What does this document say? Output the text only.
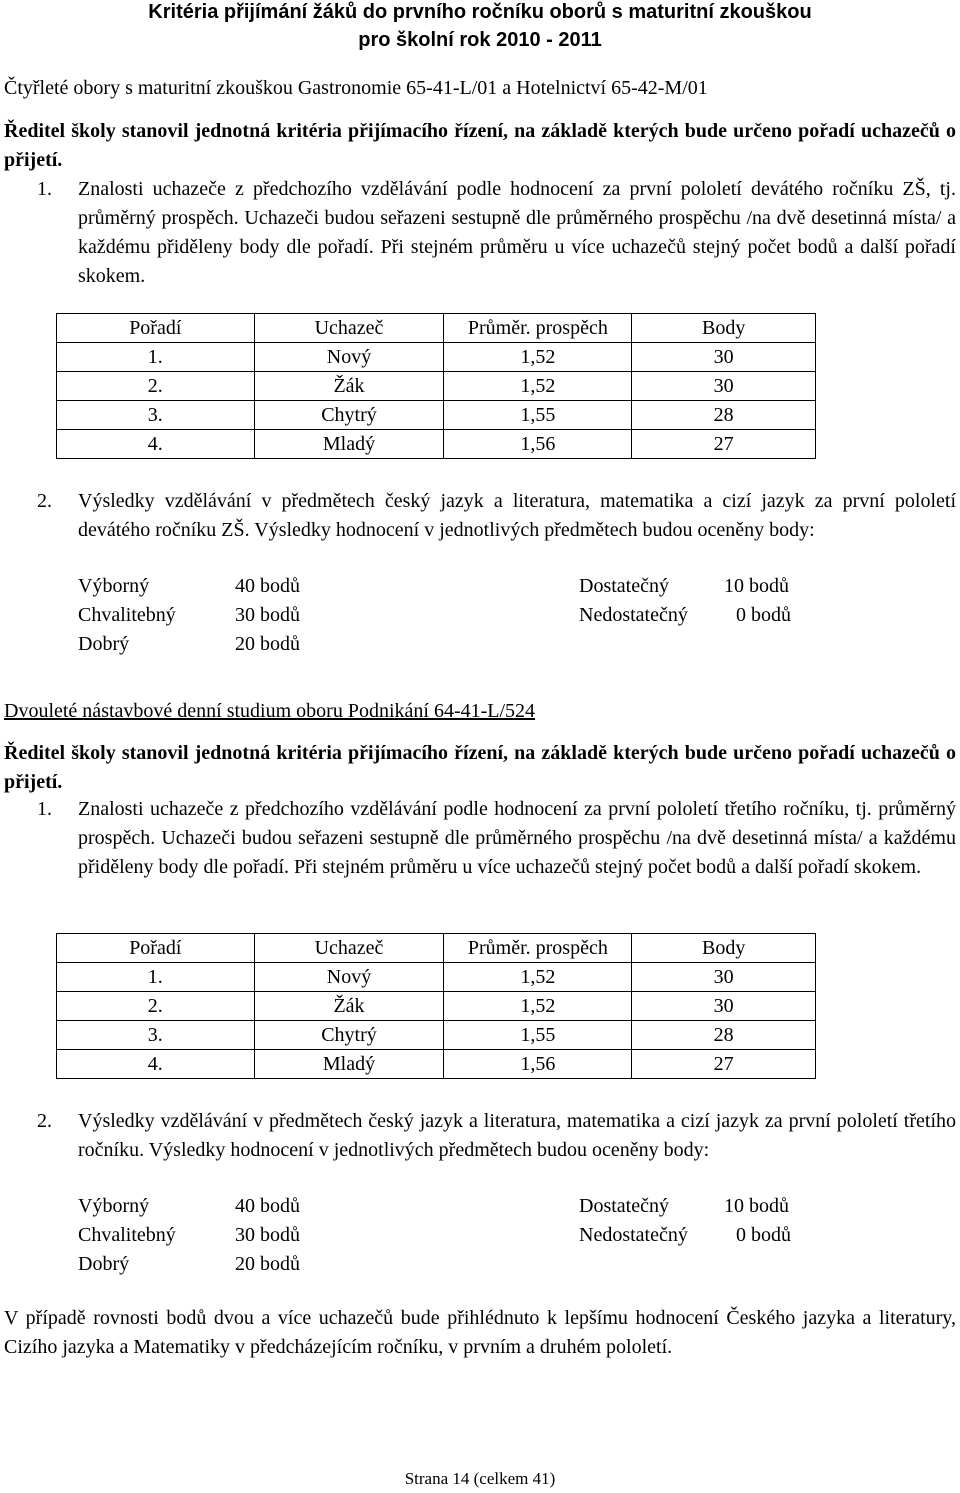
Kritéria přijímání žáků do prvního ročníku oborů s maturitní zkouškou
pro školní rok 2010 - 2011
Čtyřleté obory s maturitní zkouškou Gastronomie 65-41-L/01 a Hotelnictví 65-42-M/01
Ředitel školy stanovil jednotná kritéria přijímacího řízení, na základě kterých bude určeno pořadí uchazečů o přijetí.
1. Znalosti uchazeče z předchozího vzdělávání podle hodnocení za první pololetí devátého ročníku ZŠ, tj. průměrný prospěch. Uchazeči budou seřazeni sestupně dle průměrného prospěchu /na dvě desetinná místa/ a každému přiděleny body dle pořadí. Při stejném průměru u více uchazečů stejný počet bodů a další pořadí skokem.
Pořadí	Uchazeč	Průměr. prospěch	Body
1.	Nový	1,52	30
2.	Žák	1,52	30
3.	Chytrý	1,55	28
4.	Mladý	1,56	27
2. Výsledky vzdělávání v předmětech český jazyk a literatura, matematika a cizí jazyk za první pololetí devátého ročníku ZŠ. Výsledky hodnocení v jednotlivých předmětech budou oceněny body:
Výborný	40 bodů
Chvalitebný	30 bodů
Dobrý	20 bodů
Dostatečný	10 bodů
Nedostatečný 0 bodů
Dvouleté nástavbové denní studium oboru Podnikání 64-41-L/524
Ředitel školy stanovil jednotná kritéria přijímacího řízení, na základě kterých bude určeno pořadí uchazečů o přijetí.
1. Znalosti uchazeče z předchozího vzdělávání podle hodnocení za první pololetí třetího ročníku, tj. průměrný prospěch. Uchazeči budou seřazeni sestupně dle průměrného prospěchu /na dvě desetinná místa/ a každému přiděleny body dle pořadí. Při stejném průměru u více uchazečů stejný počet bodů a další pořadí skokem.
Pořadí	Uchazeč	Průměr. prospěch	Body
1.	Nový	1,52	30
2.	Žák	1,52	30
3.	Chytrý	1,55	28
4.	Mladý	1,56	27
2. Výsledky vzdělávání v předmětech český jazyk a literatura, matematika a cizí jazyk za první pololetí třetího ročníku. Výsledky hodnocení v jednotlivých předmětech budou oceněny body:
Výborný	40 bodů
Chvalitebný	30 bodů
Dobrý	20 bodů
Dostatečný	10 bodů
Nedostatečný 0 bodů
V případě rovnosti bodů dvou a více uchazečů bude přihlédnuto k lepšímu hodnocení Českého jazyka a literatury, Cizího jazyka a Matematiky v předcházejícím ročníku, v prvním a druhém pololetí.
Strana 14 (celkem 41)
